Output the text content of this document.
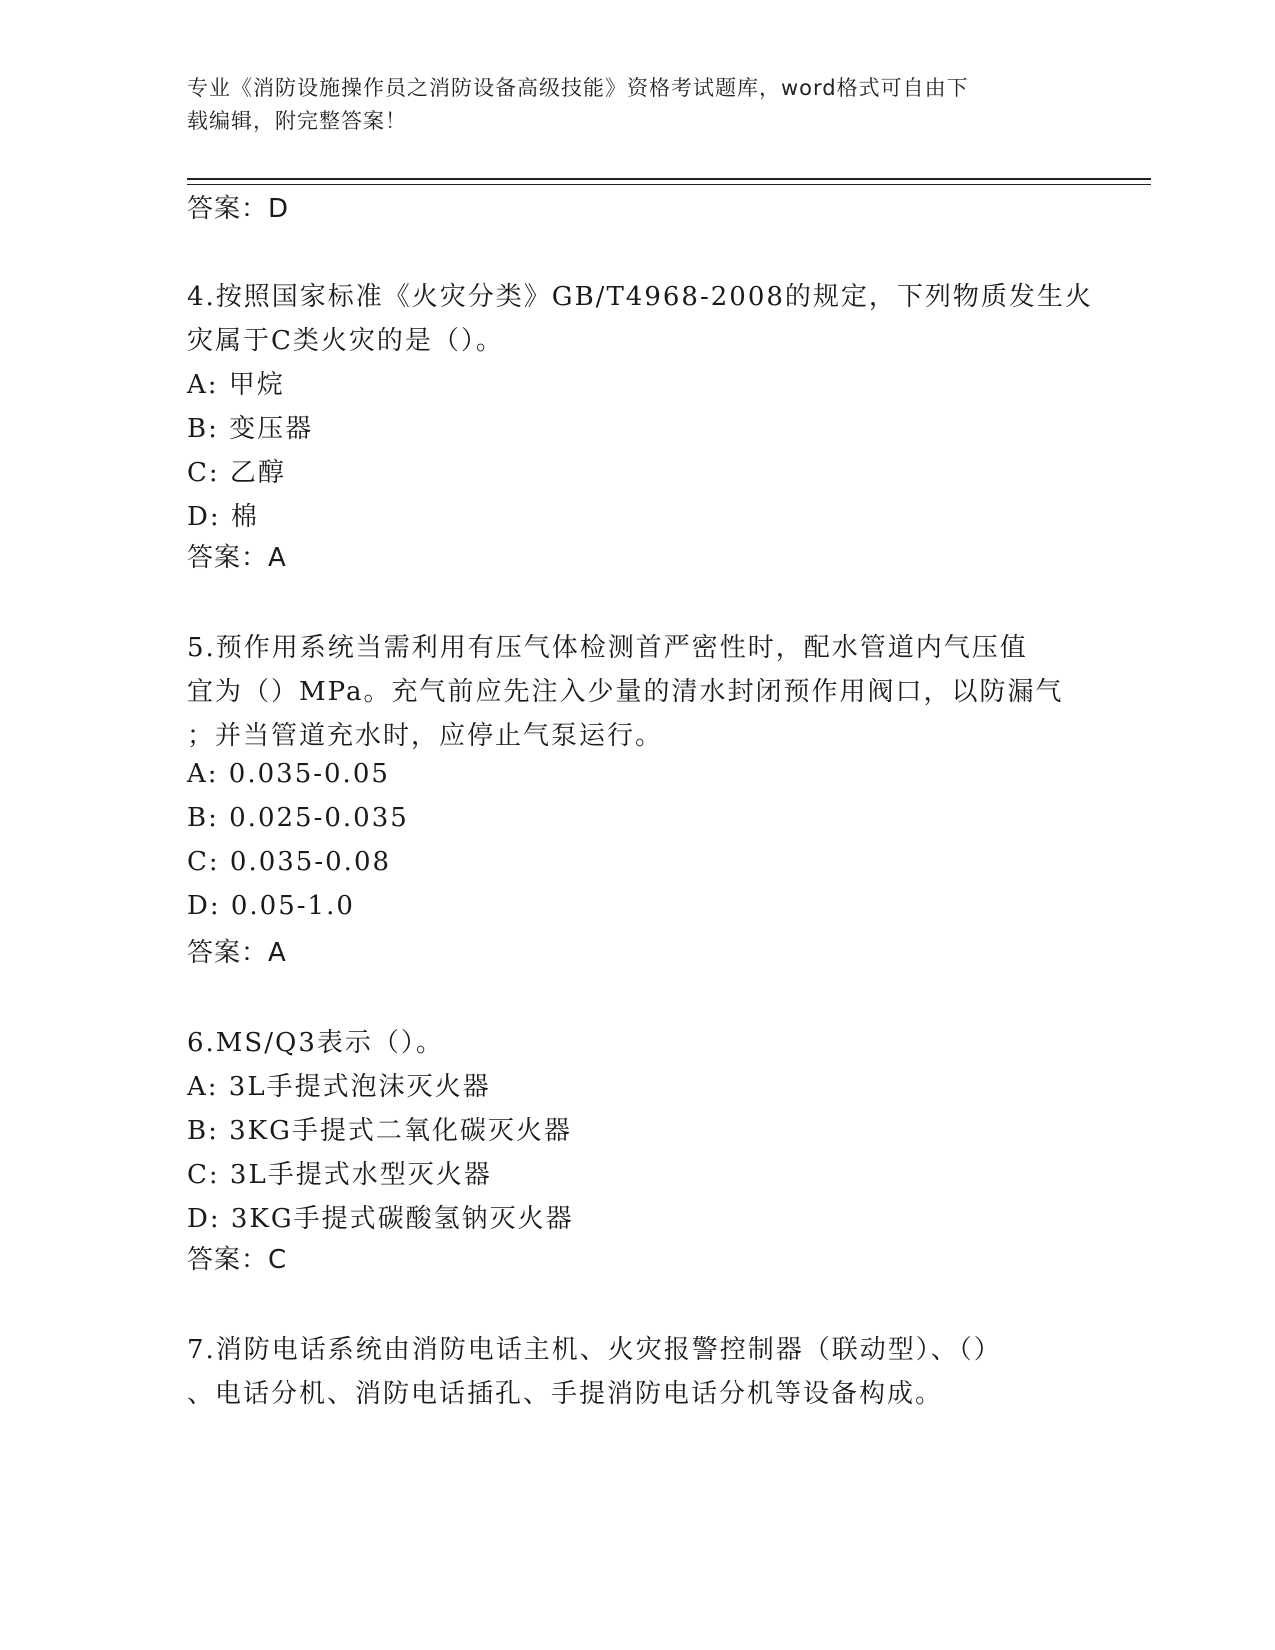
专业《消防设施操作员之消防设备高级技能》资格考试题库，word格式可自由下
载编辑，附完整答案！
答案：D
4.按照国家标准《火灾分类》GB/T4968-2008的规定，下列物质发生火
灾属于C类火灾的是（）。
A: 甲烷
B: 变压器
C: 乙醇
D: 棉
答案：A
5.预作用系统当需利用有压气体检测首严密性时，配水管道内气压值
宜为（）MPa。充气前应先注入少量的清水封闭预作用阀口，以防漏气
；并当管道充水时，应停止气泵运行。
A: 0.035-0.05
B: 0.025-0.035
C: 0.035-0.08
D: 0.05-1.0
答案：A
6.MS/Q3表示（）。
A: 3L手提式泡沫灭火器
B: 3KG手提式二氧化碳灭火器
C: 3L手提式水型灭火器
D: 3KG手提式碳酸氢钠灭火器
答案：C
7.消防电话系统由消防电话主机、火灾报警控制器（联动型）、（）
、电话分机、消防电话插孔、手提消防电话分机等设备构成。
